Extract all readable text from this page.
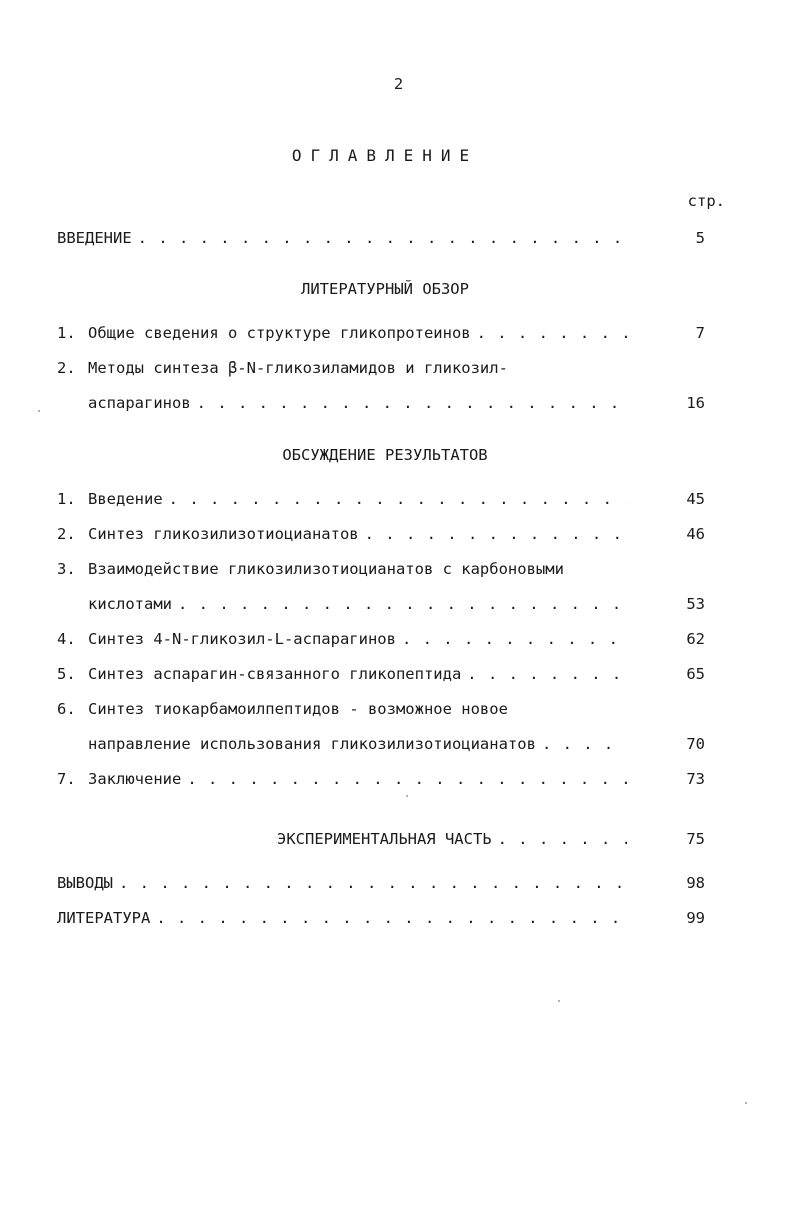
2
ОГЛАВЛЕНИЕ
стр.
ВВЕДЕНИЕ . . .	5
ЛИТЕРАТУРНЫЙ ОБЗОР
1. Общие сведения о структуре гликопротеинов . . .	7
2. Методы синтеза β-N-гликозиламидов и гликозил-
аспарагинов . . .	16
ОБСУЖДЕНИЕ РЕЗУЛЬТАТОВ
1. Введение . . .	45
2. Синтез гликозилизотиоцианатов . . .	46
3. Взаимодействие гликозилизотиоцианатов с карбоновыми
кислотами . . .	53
4. Синтез 4-N-гликозил-L-аспарагинов . . .	62
5. Синтез аспарагин-связанного гликопептида . . .	65
6. Синтез тиокарбамоилпептидов - возможное новое
направление использования гликозилизотиоцианатов . . .	70
7. Заключение . . .	73
ЭКСПЕРИМЕНТАЛЬНАЯ ЧАСТЬ . . .	75
ВЫВОДЫ . . .	98
ЛИТЕРАТУРА . . .	99
